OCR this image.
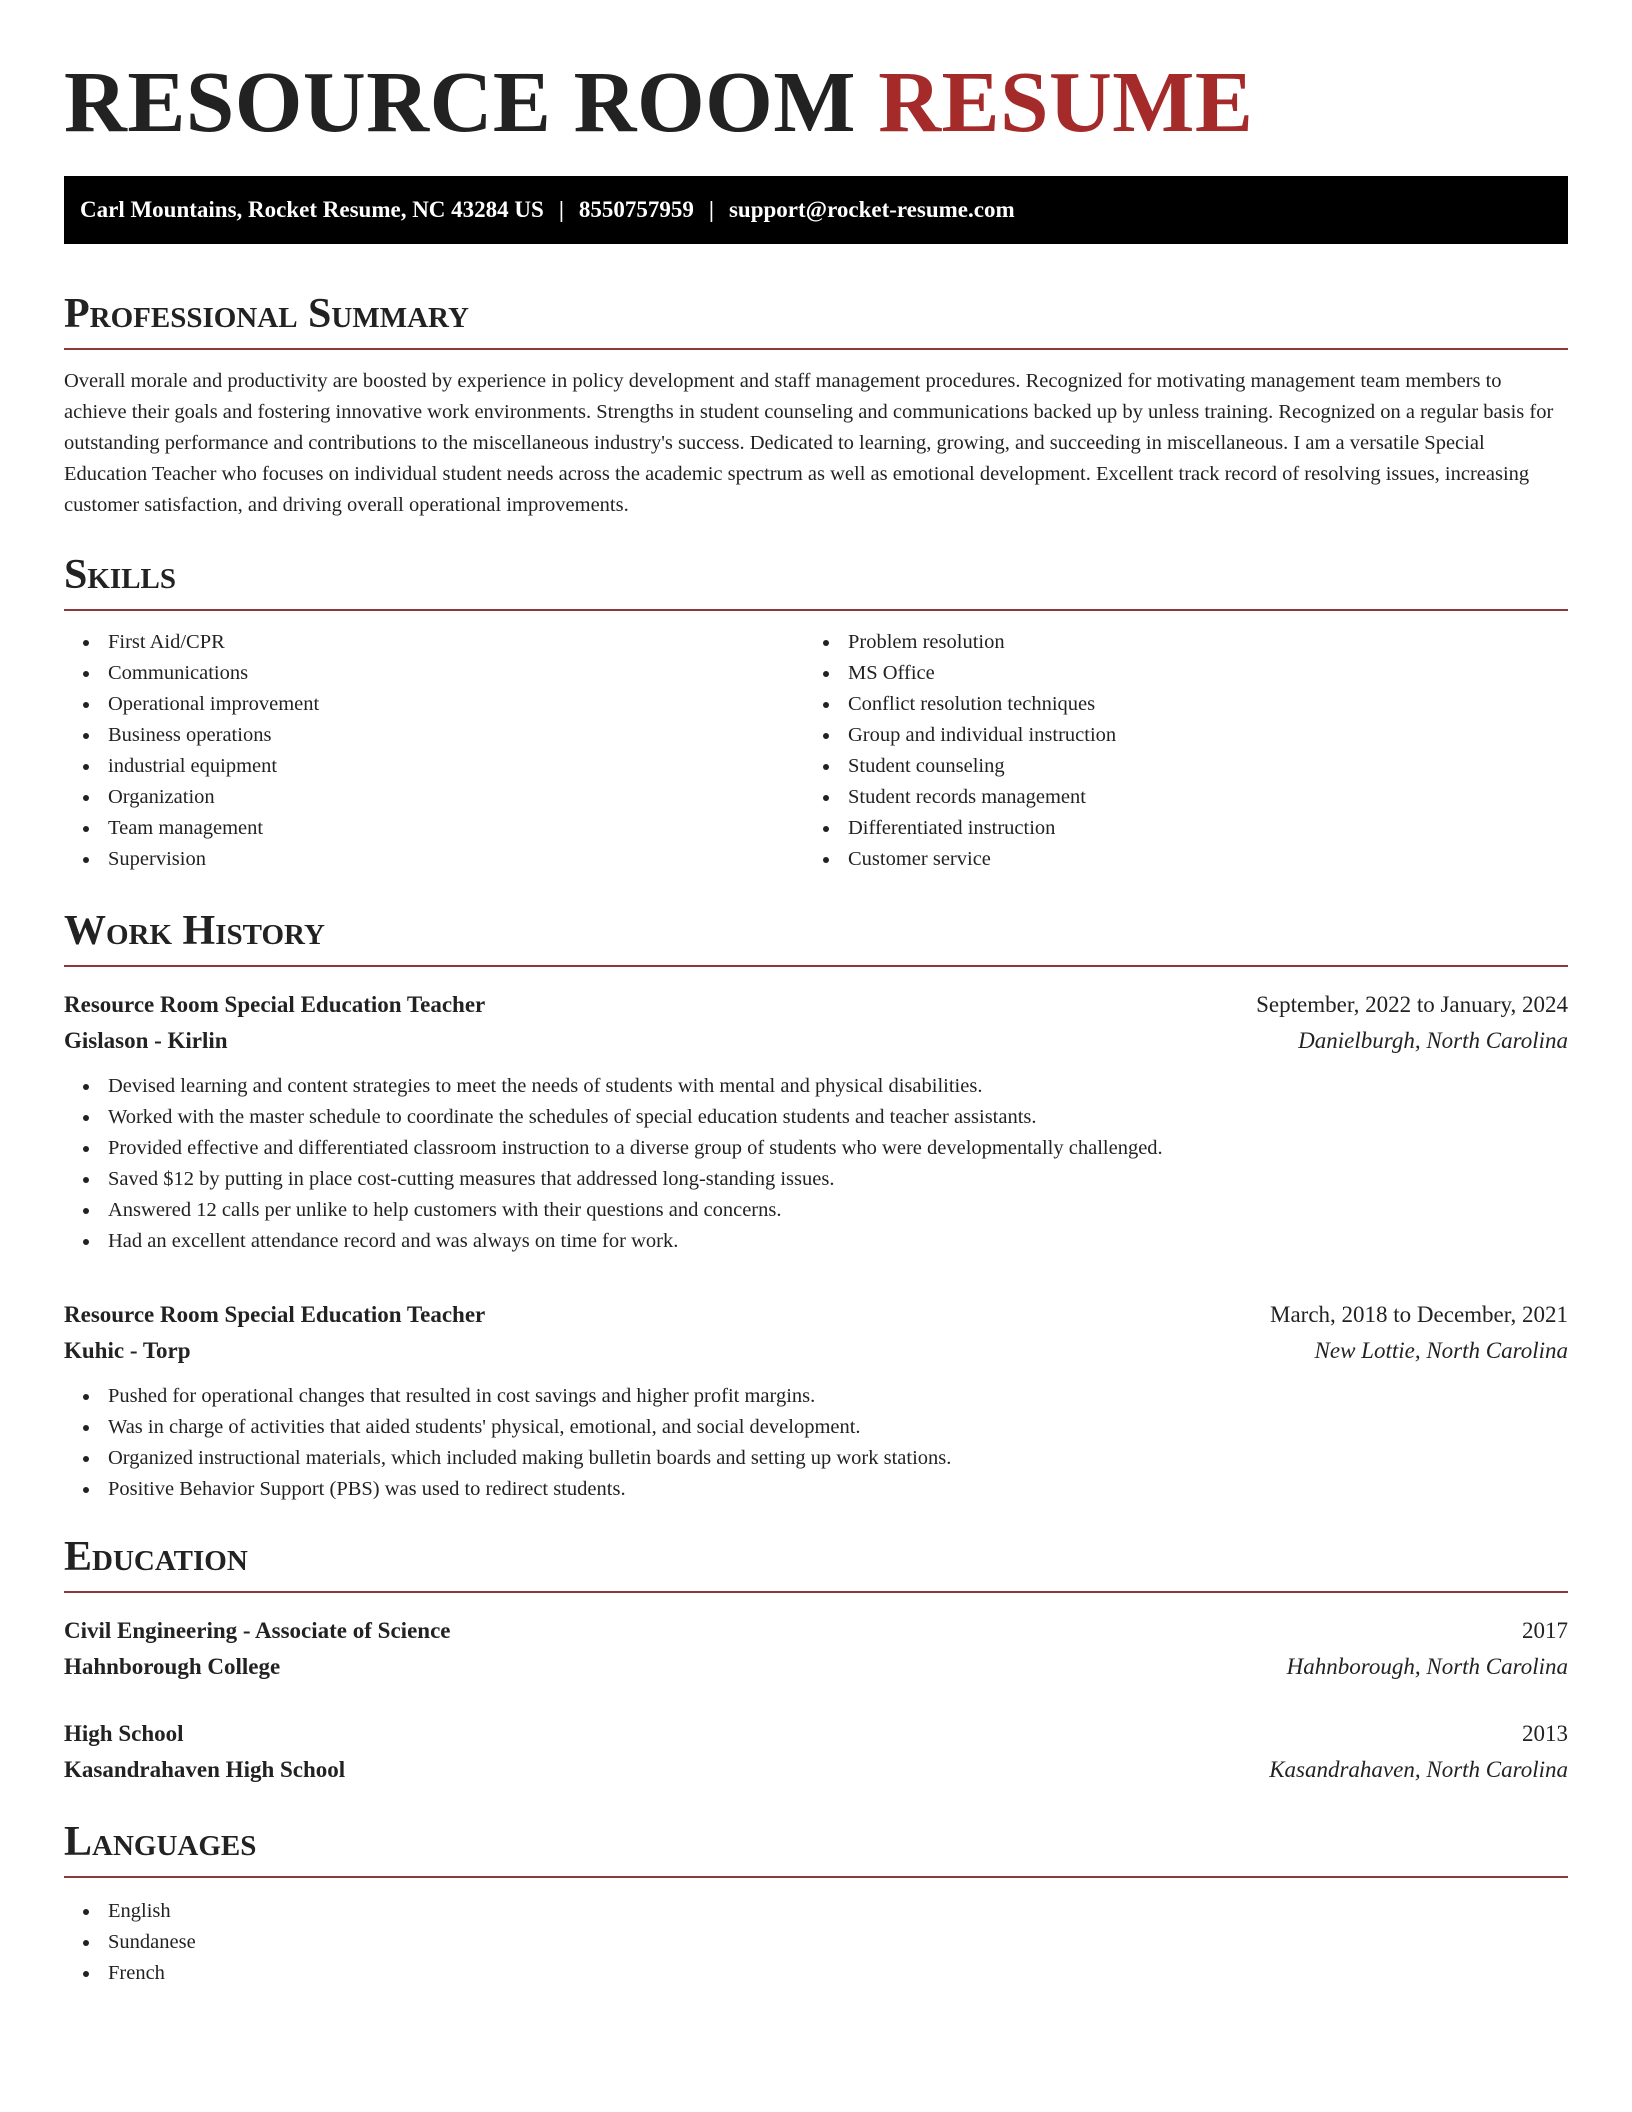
RESOURCE ROOM RESUME
Carl Mountains, Rocket Resume, NC 43284 US | 8550757959 | support@rocket-resume.com
Professional Summary

Overall morale and productivity are boosted by experience in policy development and staff management procedures. Recognized for motivating management team members to achieve their goals and fostering innovative work environments. Strengths in student counseling and communications backed up by unless training. Recognized on a regular basis for outstanding performance and contributions to the miscellaneous industry's success. Dedicated to learning, growing, and succeeding in miscellaneous. I am a versatile Special Education Teacher who focuses on individual student needs across the academic spectrum as well as emotional development. Excellent track record of resolving issues, increasing customer satisfaction, and driving overall operational improvements.

Skills
First Aid/CPR
Communications
Operational improvement
Business operations
industrial equipment
Organization
Team management
Supervision
Problem resolution
MS Office
Conflict resolution techniques
Group and individual instruction
Student counseling
Student records management
Differentiated instruction
Customer service
Work History
Resource Room Special Education Teacher	September, 2022 to January, 2024
Gislason - Kirlin	Danielburgh, North Carolina
Devised learning and content strategies to meet the needs of students with mental and physical disabilities.
Worked with the master schedule to coordinate the schedules of special education students and teacher assistants.
Provided effective and differentiated classroom instruction to a diverse group of students who were developmentally challenged.
Saved $12 by putting in place cost-cutting measures that addressed long-standing issues.
Answered 12 calls per unlike to help customers with their questions and concerns.
Had an excellent attendance record and was always on time for work.
Resource Room Special Education Teacher	March, 2018 to December, 2021
Kuhic - Torp	New Lottie, North Carolina
Pushed for operational changes that resulted in cost savings and higher profit margins.
Was in charge of activities that aided students' physical, emotional, and social development.
Organized instructional materials, which included making bulletin boards and setting up work stations.
Positive Behavior Support (PBS) was used to redirect students.
Education
Civil Engineering - Associate of Science	2017
Hahnborough College	Hahnborough, North Carolina
High School	2013
Kasandrahaven High School	Kasandrahaven, North Carolina
Languages
English
Sundanese
French
